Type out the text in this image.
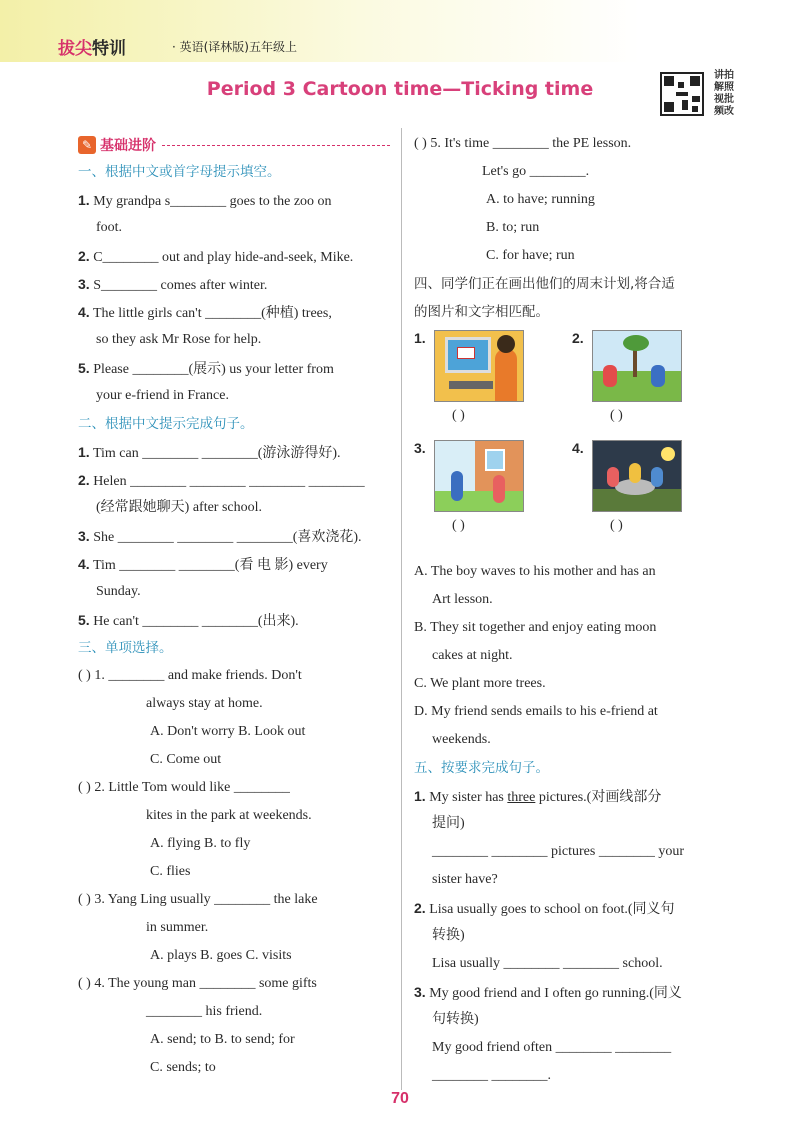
拔尖特训	· 英语(译林版)五年级上
Period 3 Cartoon time—Ticking time
讲拍
解照
视批
频改
✎ 基础进阶
一、根据中文或首字母提示填空。
1. My grandpa s________ goes to the zoo on
foot.
2. C________ out and play hide-and-seek, Mike.
3. S________ comes after winter.
4. The little girls can't ________(种植) trees,
so they ask Mr Rose for help.
5. Please ________(展示) us your letter from
your e-friend in France.
二、根据中文提示完成句子。
1. Tim can ________ ________(游泳游得好).
2. Helen ________ ________ ________ ________
(经常跟她聊天) after school.
3. She ________ ________ ________(喜欢浇花).
4. Tim ________ ________(看 电 影) every
Sunday.
5. He can't ________ ________(出来).
三、单项选择。
( ) 1. ________ and make friends. Don't
always stay at home.
A. Don't worry B. Look out
C. Come out
( ) 2. Little Tom would like ________
kites in the park at weekends.
A. flying B. to fly
C. flies
( ) 3. Yang Ling usually ________ the lake
in summer.
A. plays B. goes C. visits
( ) 4. The young man ________ some gifts
________ his friend.
A. send; to B. to send; for
C. sends; to
( ) 5. It's time ________ the PE lesson.
Let's go ________.
A. to have; running
B. to; run
C. for have; run
四、同学们正在画出他们的周末计划,将合适
的图片和文字相匹配。
1.
( )
2.
( )
3.
( )
4.
( )
A. The boy waves to his mother and has an
Art lesson.
B. They sit together and enjoy eating moon
cakes at night.
C. We plant more trees.
D. My friend sends emails to his e-friend at
weekends.
五、按要求完成句子。
1. My sister has three pictures.(对画线部分
提问)
________ ________ pictures ________ your
sister have?
2. Lisa usually goes to school on foot.(同义句
转换)
Lisa usually ________ ________ school.
3. My good friend and I often go running.(同义
句转换)
My good friend often ________ ________
________ ________.
70
